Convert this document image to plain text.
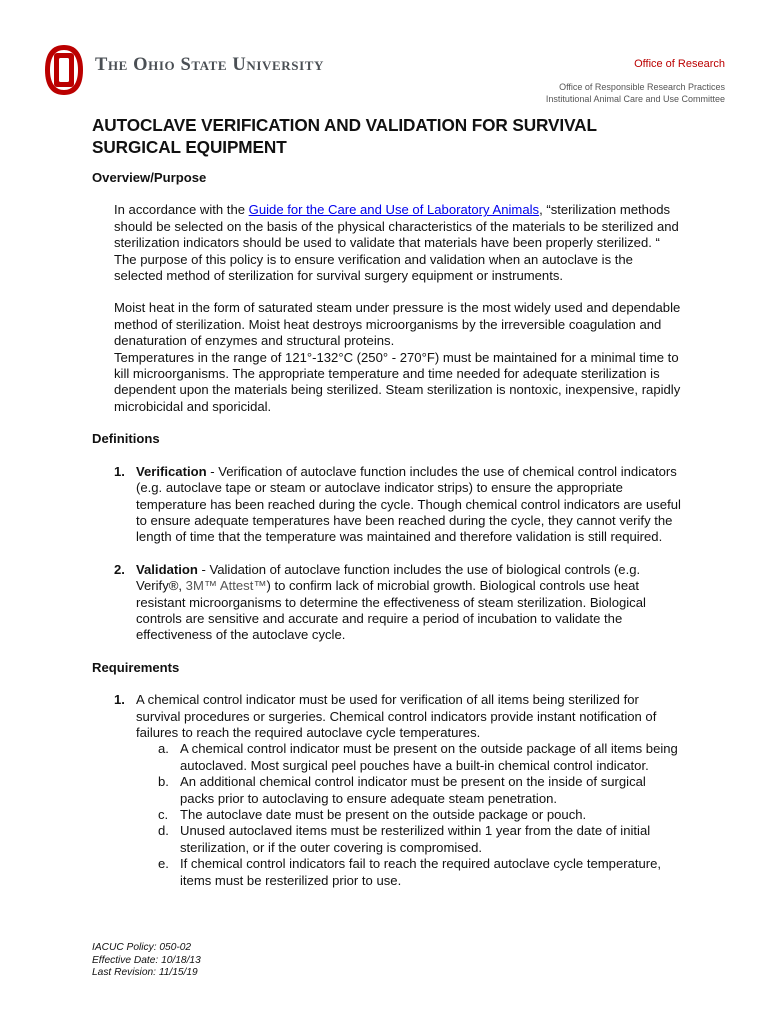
The Ohio State University	Office of Research
Office of Responsible Research Practices
Institutional Animal Care and Use Committee
AUTOCLAVE VERIFICATION AND VALIDATION FOR SURVIVAL
SURGICAL EQUIPMENT

Overview/Purpose

In accordance with the Guide for the Care and Use of Laboratory Animals, “sterilization methods should be selected on the basis of the physical characteristics of the materials to be sterilized and sterilization indicators should be used to validate that materials have been properly sterilized. “ The purpose of this policy is to ensure verification and validation when an autoclave is the selected method of sterilization for survival surgery equipment or instruments.

Moist heat in the form of saturated steam under pressure is the most widely used and dependable method of sterilization. Moist heat destroys microorganisms by the irreversible coagulation and denaturation of enzymes and structural proteins.

Temperatures in the range of 121°-132°C (250° - 270°F) must be maintained for a minimal time to kill microorganisms. The appropriate temperature and time needed for adequate sterilization is dependent upon the materials being sterilized. Steam sterilization is nontoxic, inexpensive, rapidly microbicidal and sporicidal.

Definitions

1. Verification - Verification of autoclave function includes the use of chemical control indicators (e.g. autoclave tape or steam or autoclave indicator strips) to ensure the appropriate temperature has been reached during the cycle. Though chemical control indicators are useful to ensure adequate temperatures have been reached during the cycle, they cannot verify the length of time that the temperature was maintained and therefore validation is still required.
2. Validation - Validation of autoclave function includes the use of biological controls (e.g. Verify®, 3M™ Attest™) to confirm lack of microbial growth. Biological controls use heat resistant microorganisms to determine the effectiveness of steam sterilization. Biological controls are sensitive and accurate and require a period of incubation to validate the effectiveness of the autoclave cycle.

Requirements

1. A chemical control indicator must be used for verification of all items being sterilized for survival procedures or surgeries. Chemical control indicators provide instant notification of failures to reach the required autoclave cycle temperatures.
a. A chemical control indicator must be present on the outside package of all items being autoclaved. Most surgical peel pouches have a built-in chemical control indicator.
b. An additional chemical control indicator must be present on the inside of surgical packs prior to autoclaving to ensure adequate steam penetration.
c. The autoclave date must be present on the outside package or pouch.
d. Unused autoclaved items must be resterilized within 1 year from the date of initial sterilization, or if the outer covering is compromised.
e. If chemical control indicators fail to reach the required autoclave cycle temperature, items must be resterilized prior to use.
IACUC Policy: 050-02
Effective Date: 10/18/13
Last Revision: 11/15/19
